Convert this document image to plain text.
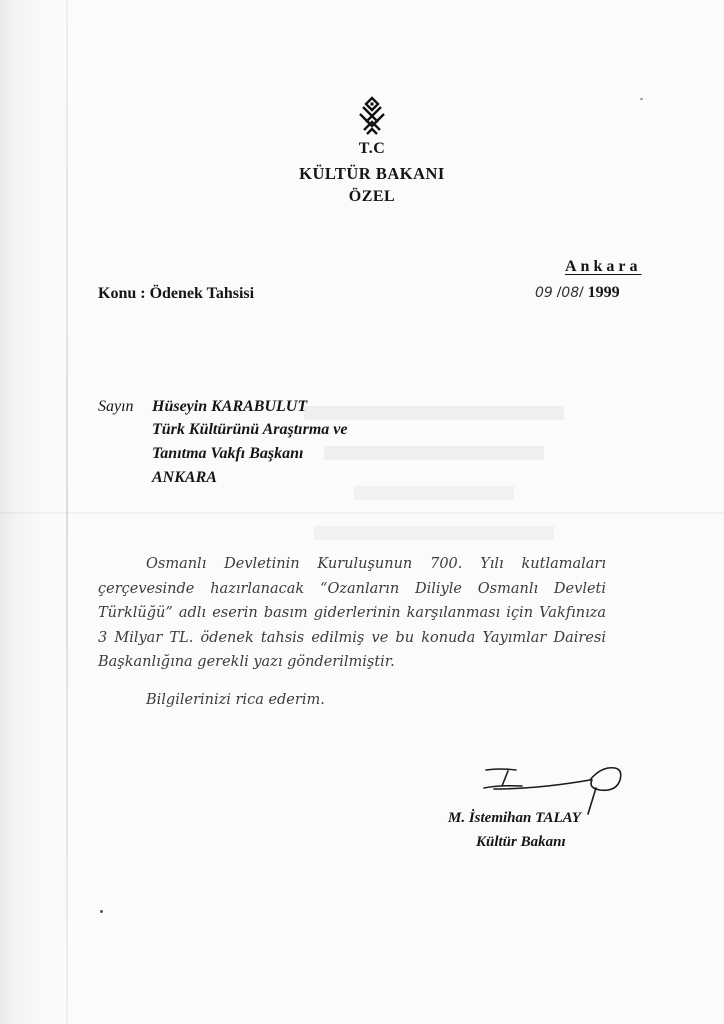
T.C
KÜLTÜR BAKANI
ÖZEL
Konu : Ödenek Tahsisi
Ankara
09 /08/ 1999
Sayın Hüseyin KARABULUT
Türk Kültürünü Araştırma ve
Tanıtma Vakfı Başkanı
ANKARA
Osmanlı Devletinin Kuruluşunun 700. Yılı kutlamaları çerçevesinde hazırlanacak “Ozanların Diliyle Osmanlı Devleti Türklüğü” adlı eserin basım giderlerinin karşılanması için Vakfınıza 3 Milyar TL. ödenek tahsis edilmiş ve bu konuda Yayımlar Dairesi Başkanlığına gerekli yazı gönderilmiştir.
Bilgilerinizi rica ederim.
M. İstemihan TALAY
Kültür Bakanı
